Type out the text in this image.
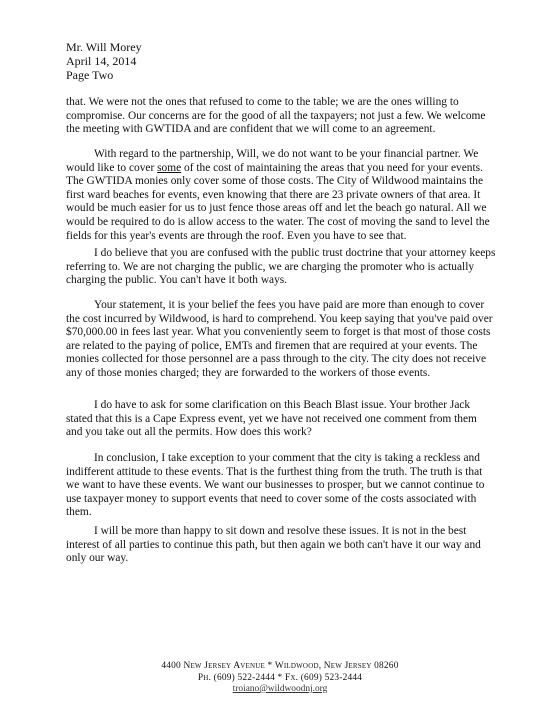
Mr. Will Morey
April 14, 2014
Page Two

that. We were not the ones that refused to come to the table; we are the ones willing to compromise. Our concerns are for the good of all the taxpayers; not just a few. We welcome the meeting with GWTIDA and are confident that we will come to an agreement.

With regard to the partnership, Will, we do not want to be your financial partner. We would like to cover some of the cost of maintaining the areas that you need for your events. The GWTIDA monies only cover some of those costs. The City of Wildwood maintains the first ward beaches for events, even knowing that there are 23 private owners of that area. It would be much easier for us to just fence those areas off and let the beach go natural. All we would be required to do is allow access to the water. The cost of moving the sand to level the fields for this year's events are through the roof. Even you have to see that.

I do believe that you are confused with the public trust doctrine that your attorney keeps referring to. We are not charging the public, we are charging the promoter who is actually charging the public. You can't have it both ways.

Your statement, it is your belief the fees you have paid are more than enough to cover the cost incurred by Wildwood, is hard to comprehend. You keep saying that you've paid over $70,000.00 in fees last year. What you conveniently seem to forget is that most of those costs are related to the paying of police, EMTs and firemen that are required at your events. The monies collected for those personnel are a pass through to the city. The city does not receive any of those monies charged; they are forwarded to the workers of those events.

I do have to ask for some clarification on this Beach Blast issue. Your brother Jack stated that this is a Cape Express event, yet we have not received one comment from them and you take out all the permits. How does this work?

In conclusion, I take exception to your comment that the city is taking a reckless and indifferent attitude to these events. That is the furthest thing from the truth. The truth is that we want to have these events. We want our businesses to prosper, but we cannot continue to use taxpayer money to support events that need to cover some of the costs associated with them.

I will be more than happy to sit down and resolve these issues. It is not in the best interest of all parties to continue this path, but then again we both can't have it our way and only our way.

4400 New Jersey Avenue * Wildwood, New Jersey 08260
Ph. (609) 522-2444 * Fx. (609) 523-2444
troiano@wildwoodnj.org
